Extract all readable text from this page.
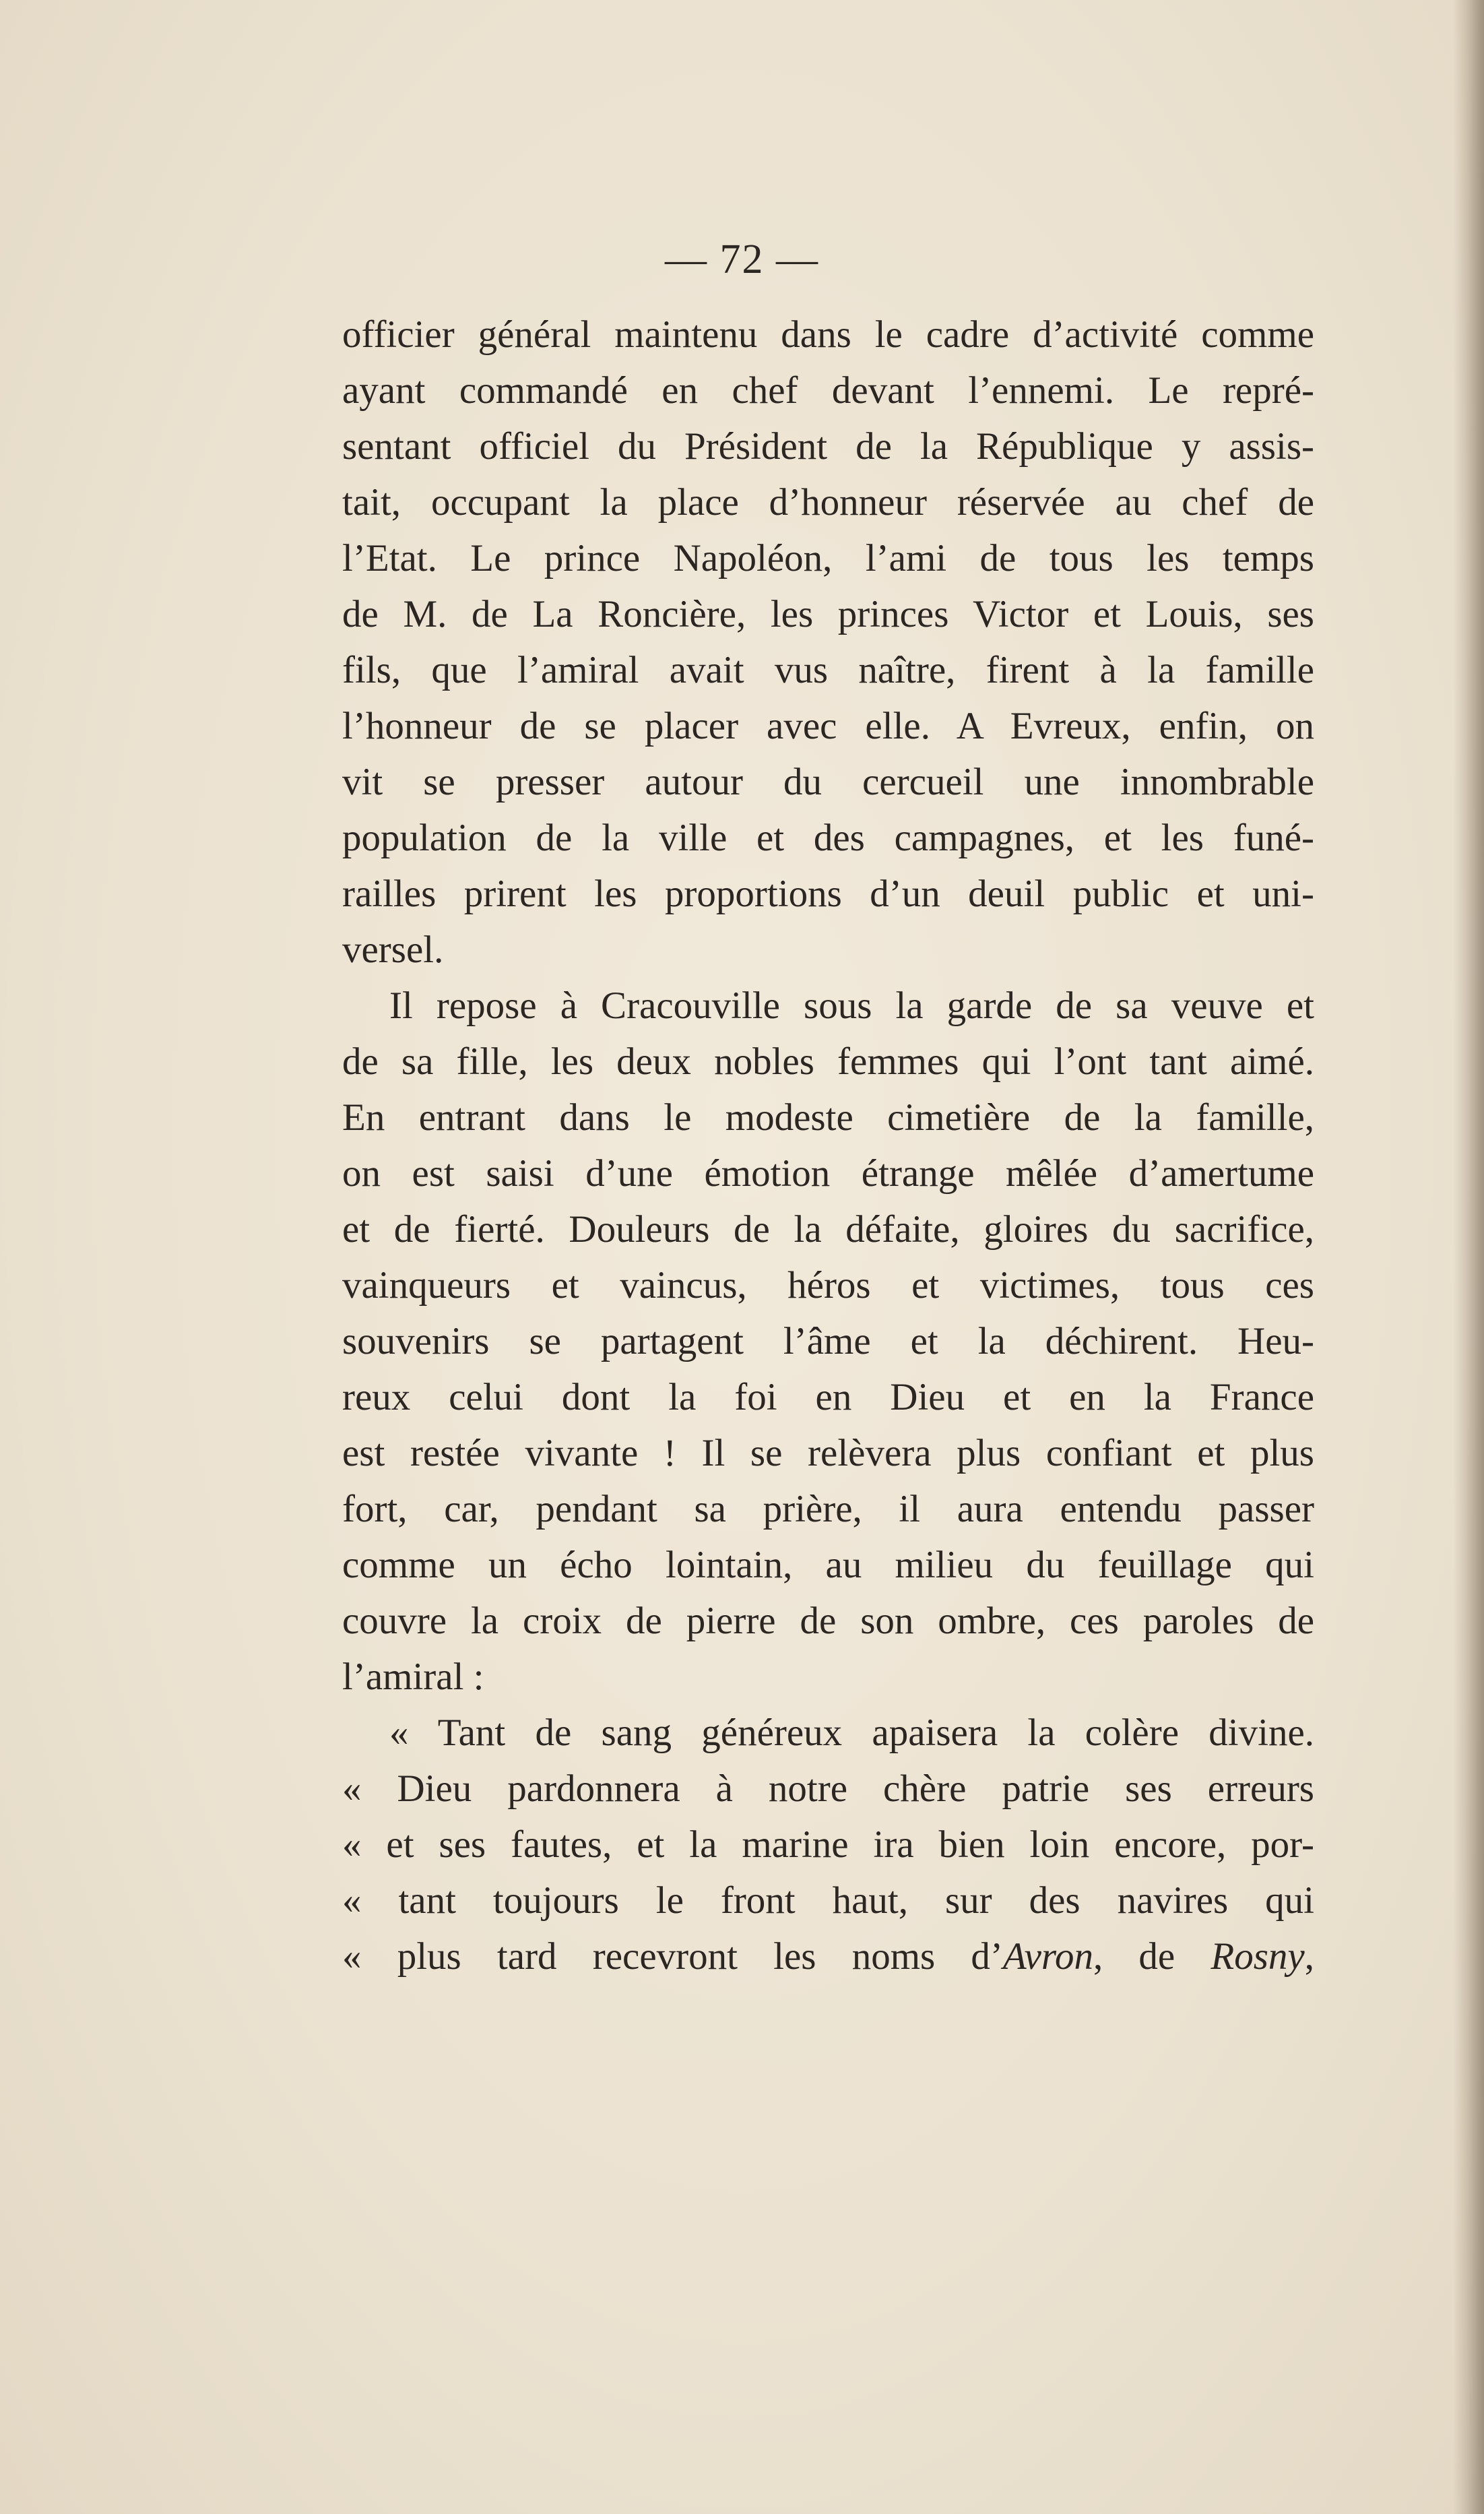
— 72 —
officier général maintenu dans le cadre d’activité comme
ayant commandé en chef devant l’ennemi. Le repré-
sentant officiel du Président de la République y assis-
tait, occupant la place d’honneur réservée au chef de
l’Etat. Le prince Napoléon, l’ami de tous les temps
de M. de La Roncière, les princes Victor et Louis, ses
fils, que l’amiral avait vus naître, firent à la famille
l’honneur de se placer avec elle. A Evreux, enfin, on
vit se presser autour du cercueil une innombrable
population de la ville et des campagnes, et les funé-
railles prirent les proportions d’un deuil public et uni-
versel.
Il repose à Cracouville sous la garde de sa veuve et
de sa fille, les deux nobles femmes qui l’ont tant aimé.
En entrant dans le modeste cimetière de la famille,
on est saisi d’une émotion étrange mêlée d’amertume
et de fierté. Douleurs de la défaite, gloires du sacrifice,
vainqueurs et vaincus, héros et victimes, tous ces
souvenirs se partagent l’âme et la déchirent. Heu-
reux celui dont la foi en Dieu et en la France
est restée vivante ! Il se relèvera plus confiant et plus
fort, car, pendant sa prière, il aura entendu passer
comme un écho lointain, au milieu du feuillage qui
couvre la croix de pierre de son ombre, ces paroles de
l’amiral :
« Tant de sang généreux apaisera la colère divine.
« Dieu pardonnera à notre chère patrie ses erreurs
« et ses fautes, et la marine ira bien loin encore, por-
« tant toujours le front haut, sur des navires qui
« plus tard recevront les noms d’Avron, de Rosny,
